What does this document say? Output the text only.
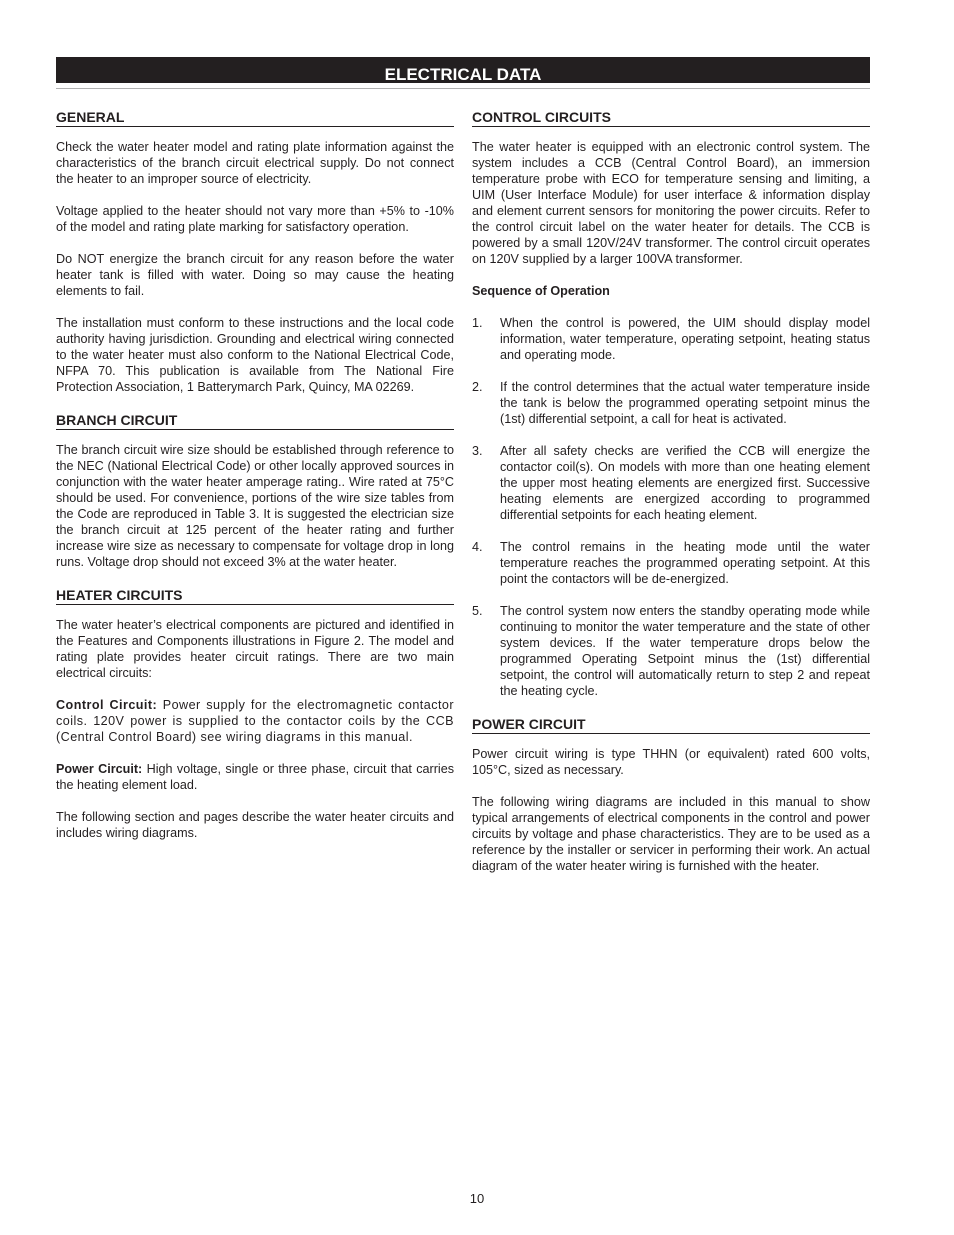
ELECTRICAL DATA
GENERAL

Check the water heater model and rating plate information against the characteristics of the branch circuit electrical supply. Do not connect the heater to an improper source of electricity.

Voltage applied to the heater should not vary more than +5% to -10% of the model and rating plate marking for satisfactory operation.

Do NOT energize the branch circuit for any reason before the water heater tank is filled with water. Doing so may cause the heating elements to fail.

The installation must conform to these instructions and the local code authority having jurisdiction. Grounding and electrical wiring connected to the water heater must also conform to the National Electrical Code, NFPA 70. This publication is available from The National Fire Protection Association, 1 Batterymarch Park, Quincy, MA 02269.

BRANCH CIRCUIT

The branch circuit wire size should be established through reference to the NEC (National Electrical Code) or other locally approved sources in conjunction with the water heater amperage rating.. Wire rated at 75°C should be used. For convenience, portions of the wire size tables from the Code are reproduced in Table 3. It is suggested the electrician size the branch circuit at 125 percent of the heater rating and further increase wire size as necessary to compensate for voltage drop in long runs. Voltage drop should not exceed 3% at the water heater.

HEATER CIRCUITS

The water heater’s electrical components are pictured and identified in the Features and Components illustrations in Figure 2. The model and rating plate provides heater circuit ratings. There are two main electrical circuits:

Control Circuit: Power supply for the electromagnetic contactor coils. 120V power is supplied to the contactor coils by the CCB (Central Control Board) see wiring diagrams in this manual.

Power Circuit: High voltage, single or three phase, circuit that carries the heating element load.

The following section and pages describe the water heater circuits and includes wiring diagrams.

CONTROL CIRCUITS

The water heater is equipped with an electronic control system. The system includes a CCB (Central Control Board), an immersion temperature probe with ECO for temperature sensing and limiting, a UIM (User Interface Module) for user interface & information display and element current sensors for monitoring the power circuits. Refer to the control circuit label on the water heater for details. The CCB is powered by a small 120V/24V transformer. The control circuit operates on 120V supplied by a larger 100VA transformer.

Sequence of Operation
1. When the control is powered, the UIM should display model information, water temperature, operating setpoint, heating status and operating mode.
2. If the control determines that the actual water temperature inside the tank is below the programmed operating setpoint minus the (1st) differential setpoint, a call for heat is activated.
3. After all safety checks are verified the CCB will energize the contactor coil(s). On models with more than one heating element the upper most heating elements are energized first. Successive heating elements are energized according to programmed differential setpoints for each heating element.
4. The control remains in the heating mode until the water temperature reaches the programmed operating setpoint. At this point the contactors will be de-energized.
5. The control system now enters the standby operating mode while continuing to monitor the water temperature and the state of other system devices. If the water temperature drops below the programmed Operating Setpoint minus the (1st) differential setpoint, the control will automatically return to step 2 and repeat the heating cycle.
POWER CIRCUIT

Power circuit wiring is type THHN (or equivalent) rated 600 volts, 105°C, sized as necessary.

The following wiring diagrams are included in this manual to show typical arrangements of electrical components in the control and power circuits by voltage and phase characteristics. They are to be used as a reference by the installer or servicer in performing their work. An actual diagram of the water heater wiring is furnished with the heater.

10
